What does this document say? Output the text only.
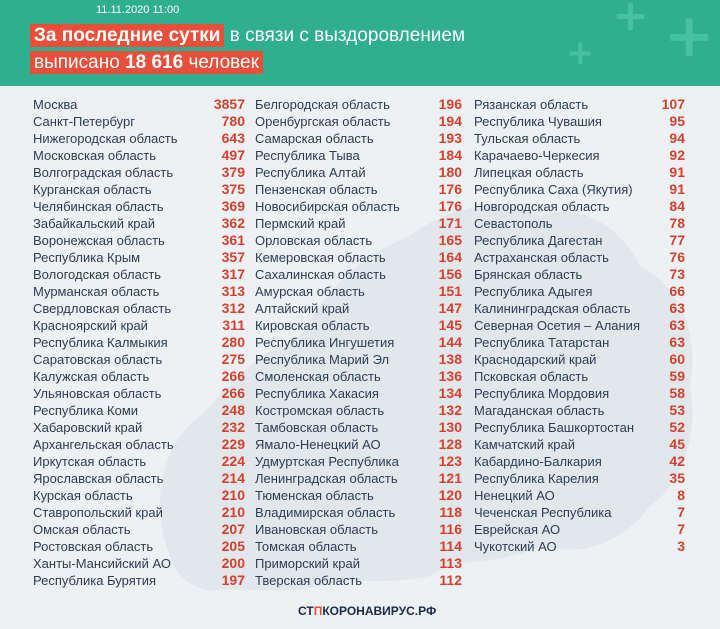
+ +
+
11.11.2020 11:00
За последние сутки в связи с выздоровлением
выписано 18 616 человек
Москва	3857
Санкт-Петербург	780
Нижегородская область	643
Московская область	497
Волгоградская область	379
Курганская область	375
Челябинская область	369
Забайкальский край	362
Воронежская область	361
Республика Крым	357
Вологодская область	317
Мурманская область	313
Свердловская область	312
Красноярский край	311
Республика Калмыкия	280
Саратовская область	275
Калужская область	266
Ульяновская область	266
Республика Коми	248
Хабаровский край	232
Архангельская область	229
Иркутская область	224
Ярославская область	214
Курская область	210
Ставропольский край	210
Омская область	207
Ростовская область	205
Ханты-Мансийский АО	200
Республика Бурятия	197
Белгородская область	196
Оренбургская область	194
Самарская область	193
Республика Тыва	184
Республика Алтай	180
Пензенская область	176
Новосибирская область	176
Пермский край	171
Орловская область	165
Кемеровская область	164
Сахалинская область	156
Амурская область	151
Алтайский край	147
Кировская область	145
Республика Ингушетия	144
Республика Марий Эл	138
Смоленская область	136
Республика Хакасия	134
Костромская область	132
Тамбовская область	130
Ямало-Ненецкий АО	128
Удмуртская Республика	123
Ленинградская область	121
Тюменская область	120
Владимирская область	118
Ивановская область	116
Томская область	114
Приморский край	113
Тверская область	112
Рязанская область	107
Республика Чувашия	95
Тульская область	94
Карачаево-Черкесия	92
Липецкая область	91
Республика Саха (Якутия)	91
Новгородская область	84
Севастополь	78
Республика Дагестан	77
Астраханская область	76
Брянская область	73
Республика Адыгея	66
Калининградская область	63
Северная Осетия – Алания 63
Республика Татарстан	63
Краснодарский край	60
Псковская область	59
Республика Мордовия	58
Магаданская область	53
Республика Башкортостан	52
Камчатский край	45
Кабардино-Балкария	42
Республика Карелия	35
Ненецкий АО	8
Чеченская Республика	7
Еврейская АО	7
Чукотский АО	3
СТПКОРОНАВИРУС.РФ
